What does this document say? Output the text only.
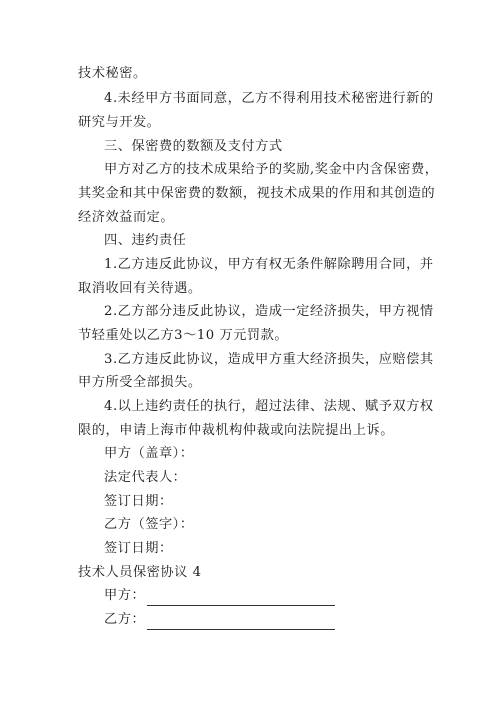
技术秘密。
4.未经甲方书面同意，乙方不得利用技术秘密进行新的
研究与开发。
三、保密费的数额及支付方式
甲方对乙方的技术成果给予的奖励,奖金中内含保密费，
其奖金和其中保密费的数额，视技术成果的作用和其创造的
经济效益而定。
四、违约责任
1.乙方违反此协议，甲方有权无条件解除聘用合同，并
取消收回有关待遇。
2.乙方部分违反此协议，造成一定经济损失，甲方视情
节轻重处以乙方3～10 万元罚款。
3.乙方违反此协议，造成甲方重大经济损失，应赔偿其
甲方所受全部损失。
4.以上违约责任的执行，超过法律、法规、赋予双方权
限的，申请上海市仲裁机构仲裁或向法院提出上诉。
甲方（盖章）：
法定代表人：
签订日期：
乙方（签字）：
签订日期：
技术人员保密协议 4
甲方：
乙方：
